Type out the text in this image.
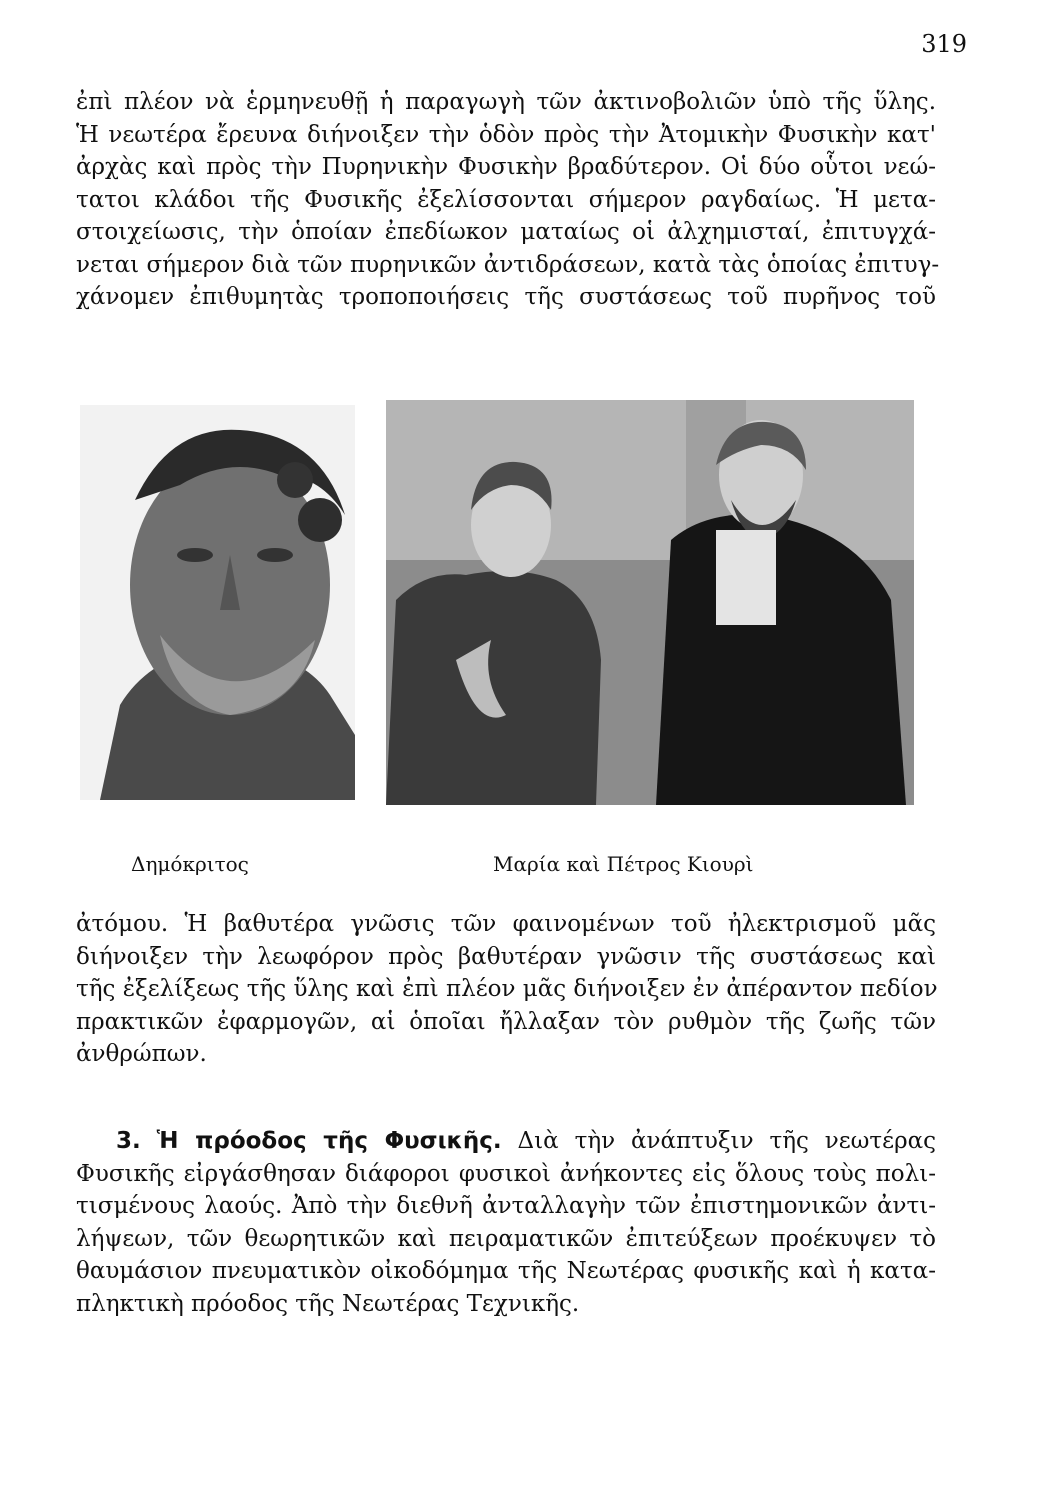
319
ἐπὶ πλέον νὰ ἑρμηνευθῇ ἡ παραγωγὴ τῶν ἀκτινοβολιῶν ὑπὸ τῆς ὕλης.
Ἡ νεωτέρα ἔρευνα διήνοιξεν τὴν ὁδὸν πρὸς τὴν Ἀτομικὴν Φυσικὴν κατ'
ἀρχὰς καὶ πρὸς τὴν Πυρηνικὴν Φυσικὴν βραδύτερον. Οἱ δύο οὗτοι νεώ-
τατοι κλάδοι τῆς Φυσικῆς ἐξελίσσονται σήμερον ραγδαίως. Ἡ μετα-
στοιχείωσις, τὴν ὁποίαν ἐπεδίωκον ματαίως οἱ ἀλχημισταί, ἐπιτυγχά-
νεται σήμερον διὰ τῶν πυρηνικῶν ἀντιδράσεων, κατὰ τὰς ὁποίας ἐπιτυγ-
χάνομεν ἐπιθυμητὰς τροποποιήσεις τῆς συστάσεως τοῦ πυρῆνος τοῦ
Δημόκριτος	Μαρία καὶ Πέτρος Κιουρὶ
ἀτόμου. Ἡ βαθυτέρα γνῶσις τῶν φαινομένων τοῦ ἠλεκτρισμοῦ μᾶς
διήνοιξεν τὴν λεωφόρον πρὸς βαθυτέραν γνῶσιν τῆς συστάσεως καὶ
τῆς ἐξελίξεως τῆς ὕλης καὶ ἐπὶ πλέον μᾶς διήνοιξεν ἐν ἀπέραντον πεδίον
πρακτικῶν ἐφαρμογῶν, αἱ ὁποῖαι ἤλλαξαν τὸν ρυθμὸν τῆς ζωῆς τῶν
ἀνθρώπων.
3. Ἡ πρόοδος τῆς Φυσικῆς. Διὰ τὴν ἀνάπτυξιν τῆς νεωτέρας
Φυσικῆς εἰργάσθησαν διάφοροι φυσικοὶ ἀνήκοντες εἰς ὅλους τοὺς πολι-
τισμένους λαούς. Ἀπὸ τὴν διεθνῆ ἀνταλλαγὴν τῶν ἐπιστημονικῶν ἀντι-
λήψεων, τῶν θεωρητικῶν καὶ πειραματικῶν ἐπιτεύξεων προέκυψεν τὸ
θαυμάσιον πνευματικὸν οἰκοδόμημα τῆς Νεωτέρας φυσικῆς καὶ ἡ κατα-
πληκτικὴ πρόοδος τῆς Νεωτέρας Τεχνικῆς.
